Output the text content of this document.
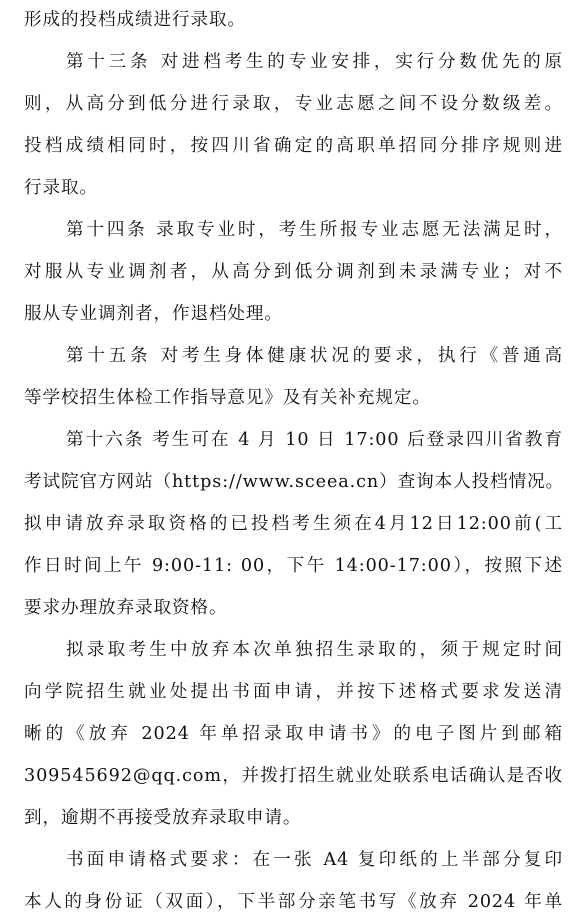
形成的投档成绩进行录取。
第十三条 对进档考生的专业安排，实行分数优先的原
则，从高分到低分进行录取，专业志愿之间不设分数级差。
投档成绩相同时，按四川省确定的高职单招同分排序规则进
行录取。
第十四条 录取专业时，考生所报专业志愿无法满足时，
对服从专业调剂者，从高分到低分调剂到未录满专业；对不
服从专业调剂者，作退档处理。
第十五条 对考生身体健康状况的要求，执行《普通高
等学校招生体检工作指导意见》及有关补充规定。
第十六条 考生可在 4 月 10 日 17:00 后登录四川省教育
考试院官方网站（https://www.sceea.cn）查询本人投档情况。
拟申请放弃录取资格的已投档考生须在4月12日12:00前(工
作日时间上午 9:00-11: 00，下午 14:00-17:00），按照下述
要求办理放弃录取资格。
拟录取考生中放弃本次单独招生录取的，须于规定时间
向学院招生就业处提出书面申请，并按下述格式要求发送清
晰的《放弃 2024 年单招录取申请书》的电子图片到邮箱
309545692@qq.com，并拨打招生就业处联系电话确认是否收
到，逾期不再接受放弃录取申请。
书面申请格式要求：在一张 A4 复印纸的上半部分复印
本人的身份证（双面），下半部分亲笔书写《放弃 2024 年单
